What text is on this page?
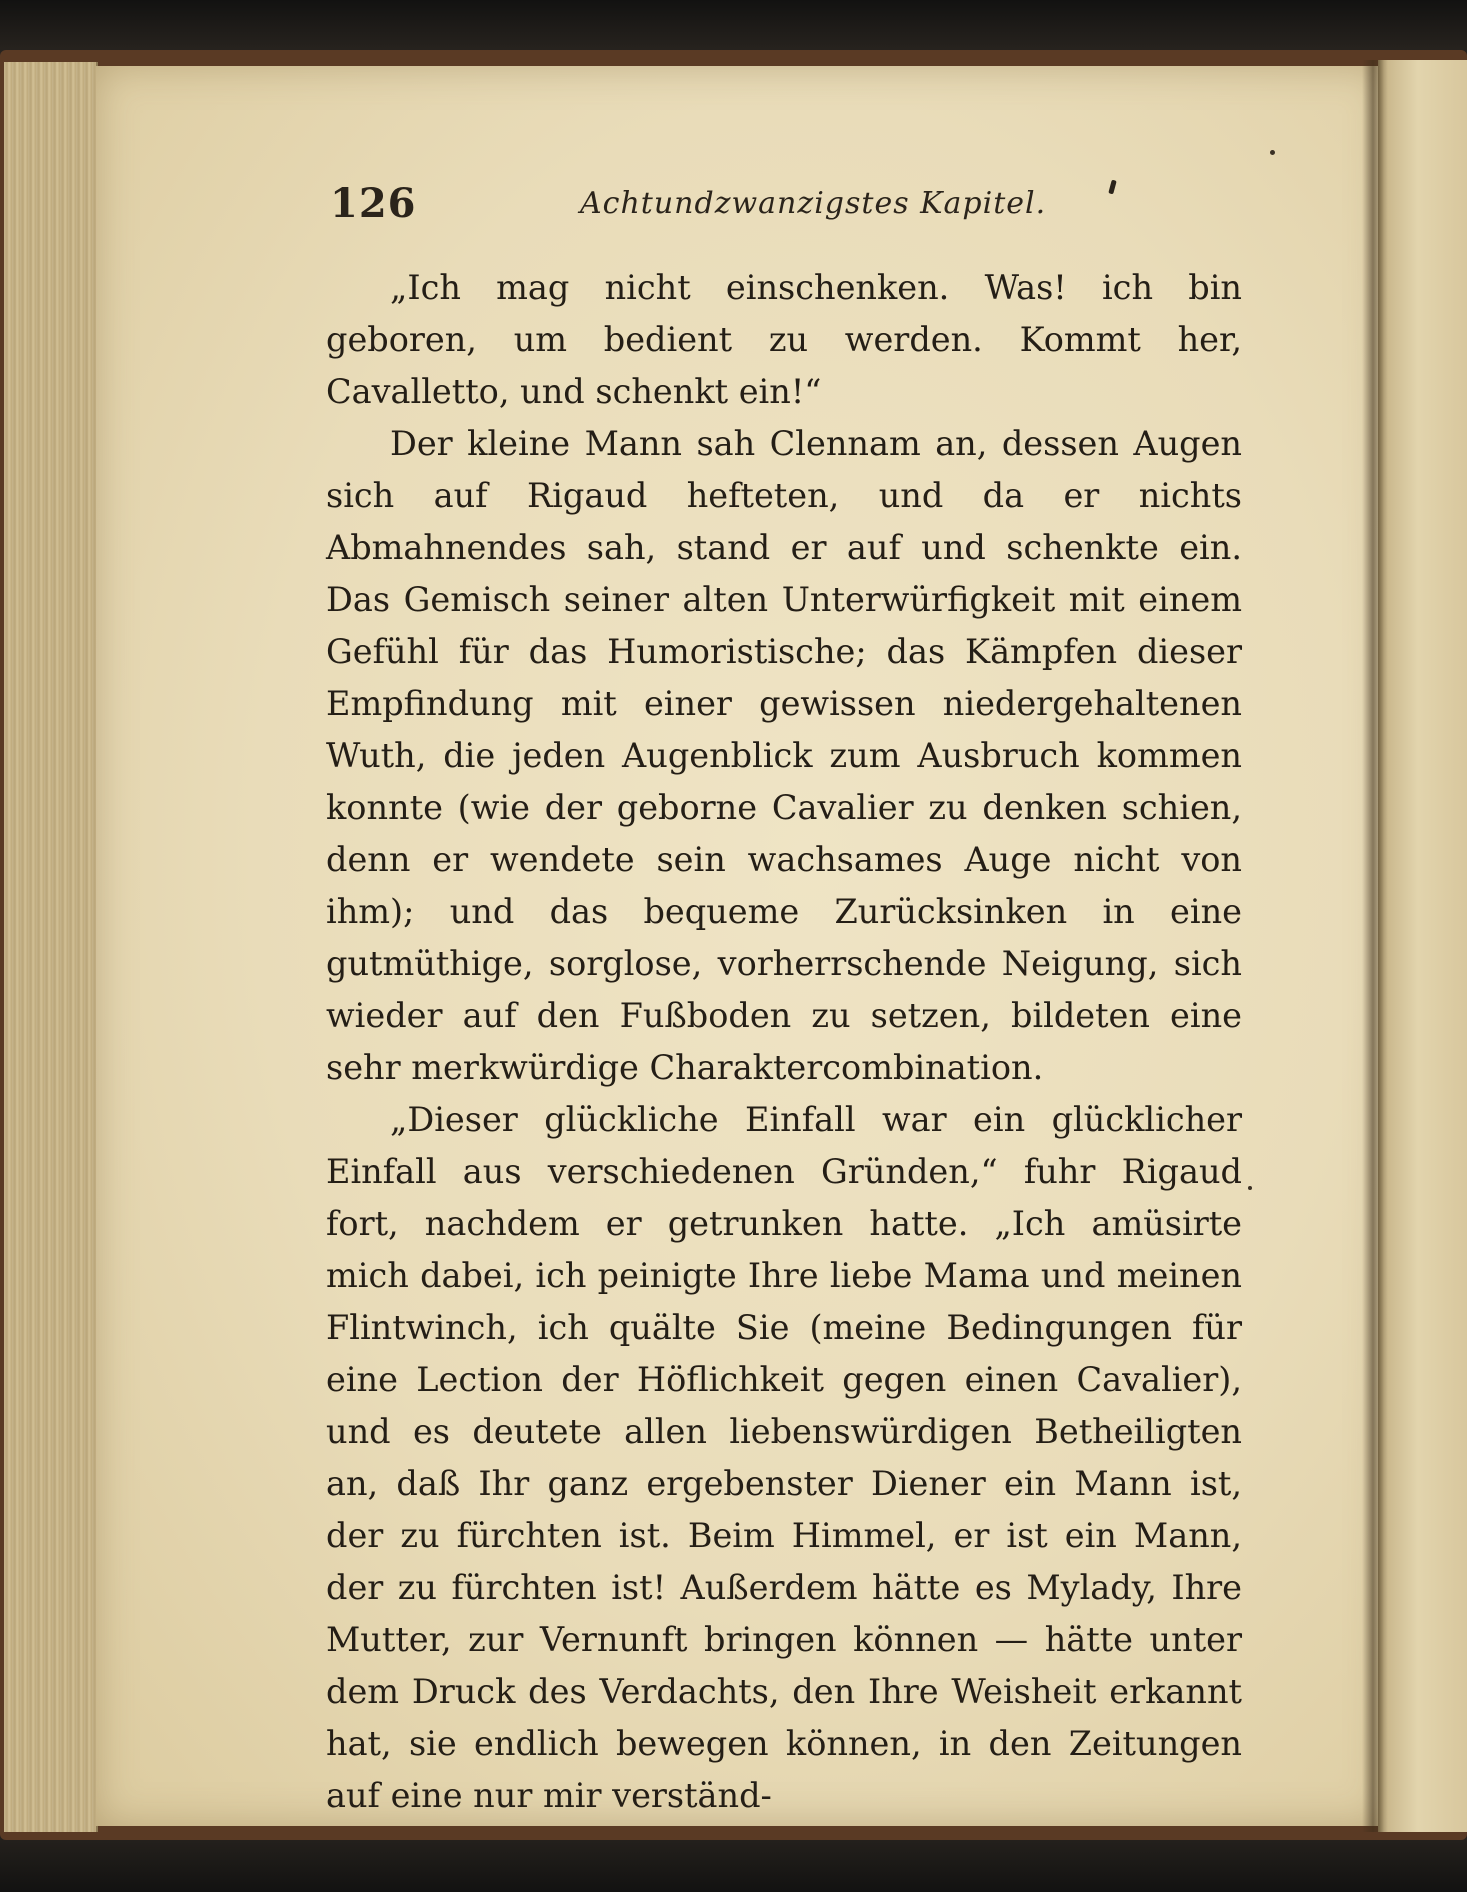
126	Achtundzwanzigstes Kapitel.

„Ich mag nicht einschenken. Was! ich bin geboren, um bedient zu werden. Kommt her, Cavalletto, und schenkt ein!“

Der kleine Mann sah Clennam an, dessen Augen sich auf Rigaud hefteten, und da er nichts Abmahnendes sah, stand er auf und schenkte ein. Das Gemisch seiner alten Unterwürfigkeit mit einem Gefühl für das Humoristische; das Kämpfen dieser Empfindung mit einer gewissen niedergehaltenen Wuth, die jeden Augenblick zum Ausbruch kommen konnte (wie der geborne Cavalier zu denken schien, denn er wendete sein wachsames Auge nicht von ihm); und das bequeme Zurücksinken in eine gutmüthige, sorglose, vorherrschende Neigung, sich wieder auf den Fußboden zu setzen, bildeten eine sehr merkwürdige Charaktercombination.

„Dieser glückliche Einfall war ein glücklicher Einfall aus verschiedenen Gründen,“ fuhr Rigaud fort, nachdem er getrunken hatte. „Ich amüsirte mich dabei, ich peinigte Ihre liebe Mama und meinen Flintwinch, ich quälte Sie (meine Bedingungen für eine Lection der Höflichkeit gegen einen Cavalier), und es deutete allen liebenswürdigen Betheiligten an, daß Ihr ganz ergebenster Diener ein Mann ist, der zu fürchten ist. Beim Himmel, er ist ein Mann, der zu fürchten ist! Außerdem hätte es Mylady, Ihre Mutter, zur Vernunft bringen können — hätte unter dem Druck des Verdachts, den Ihre Weisheit erkannt hat, sie endlich bewegen können, in den Zeitungen auf eine nur mir verständ-
